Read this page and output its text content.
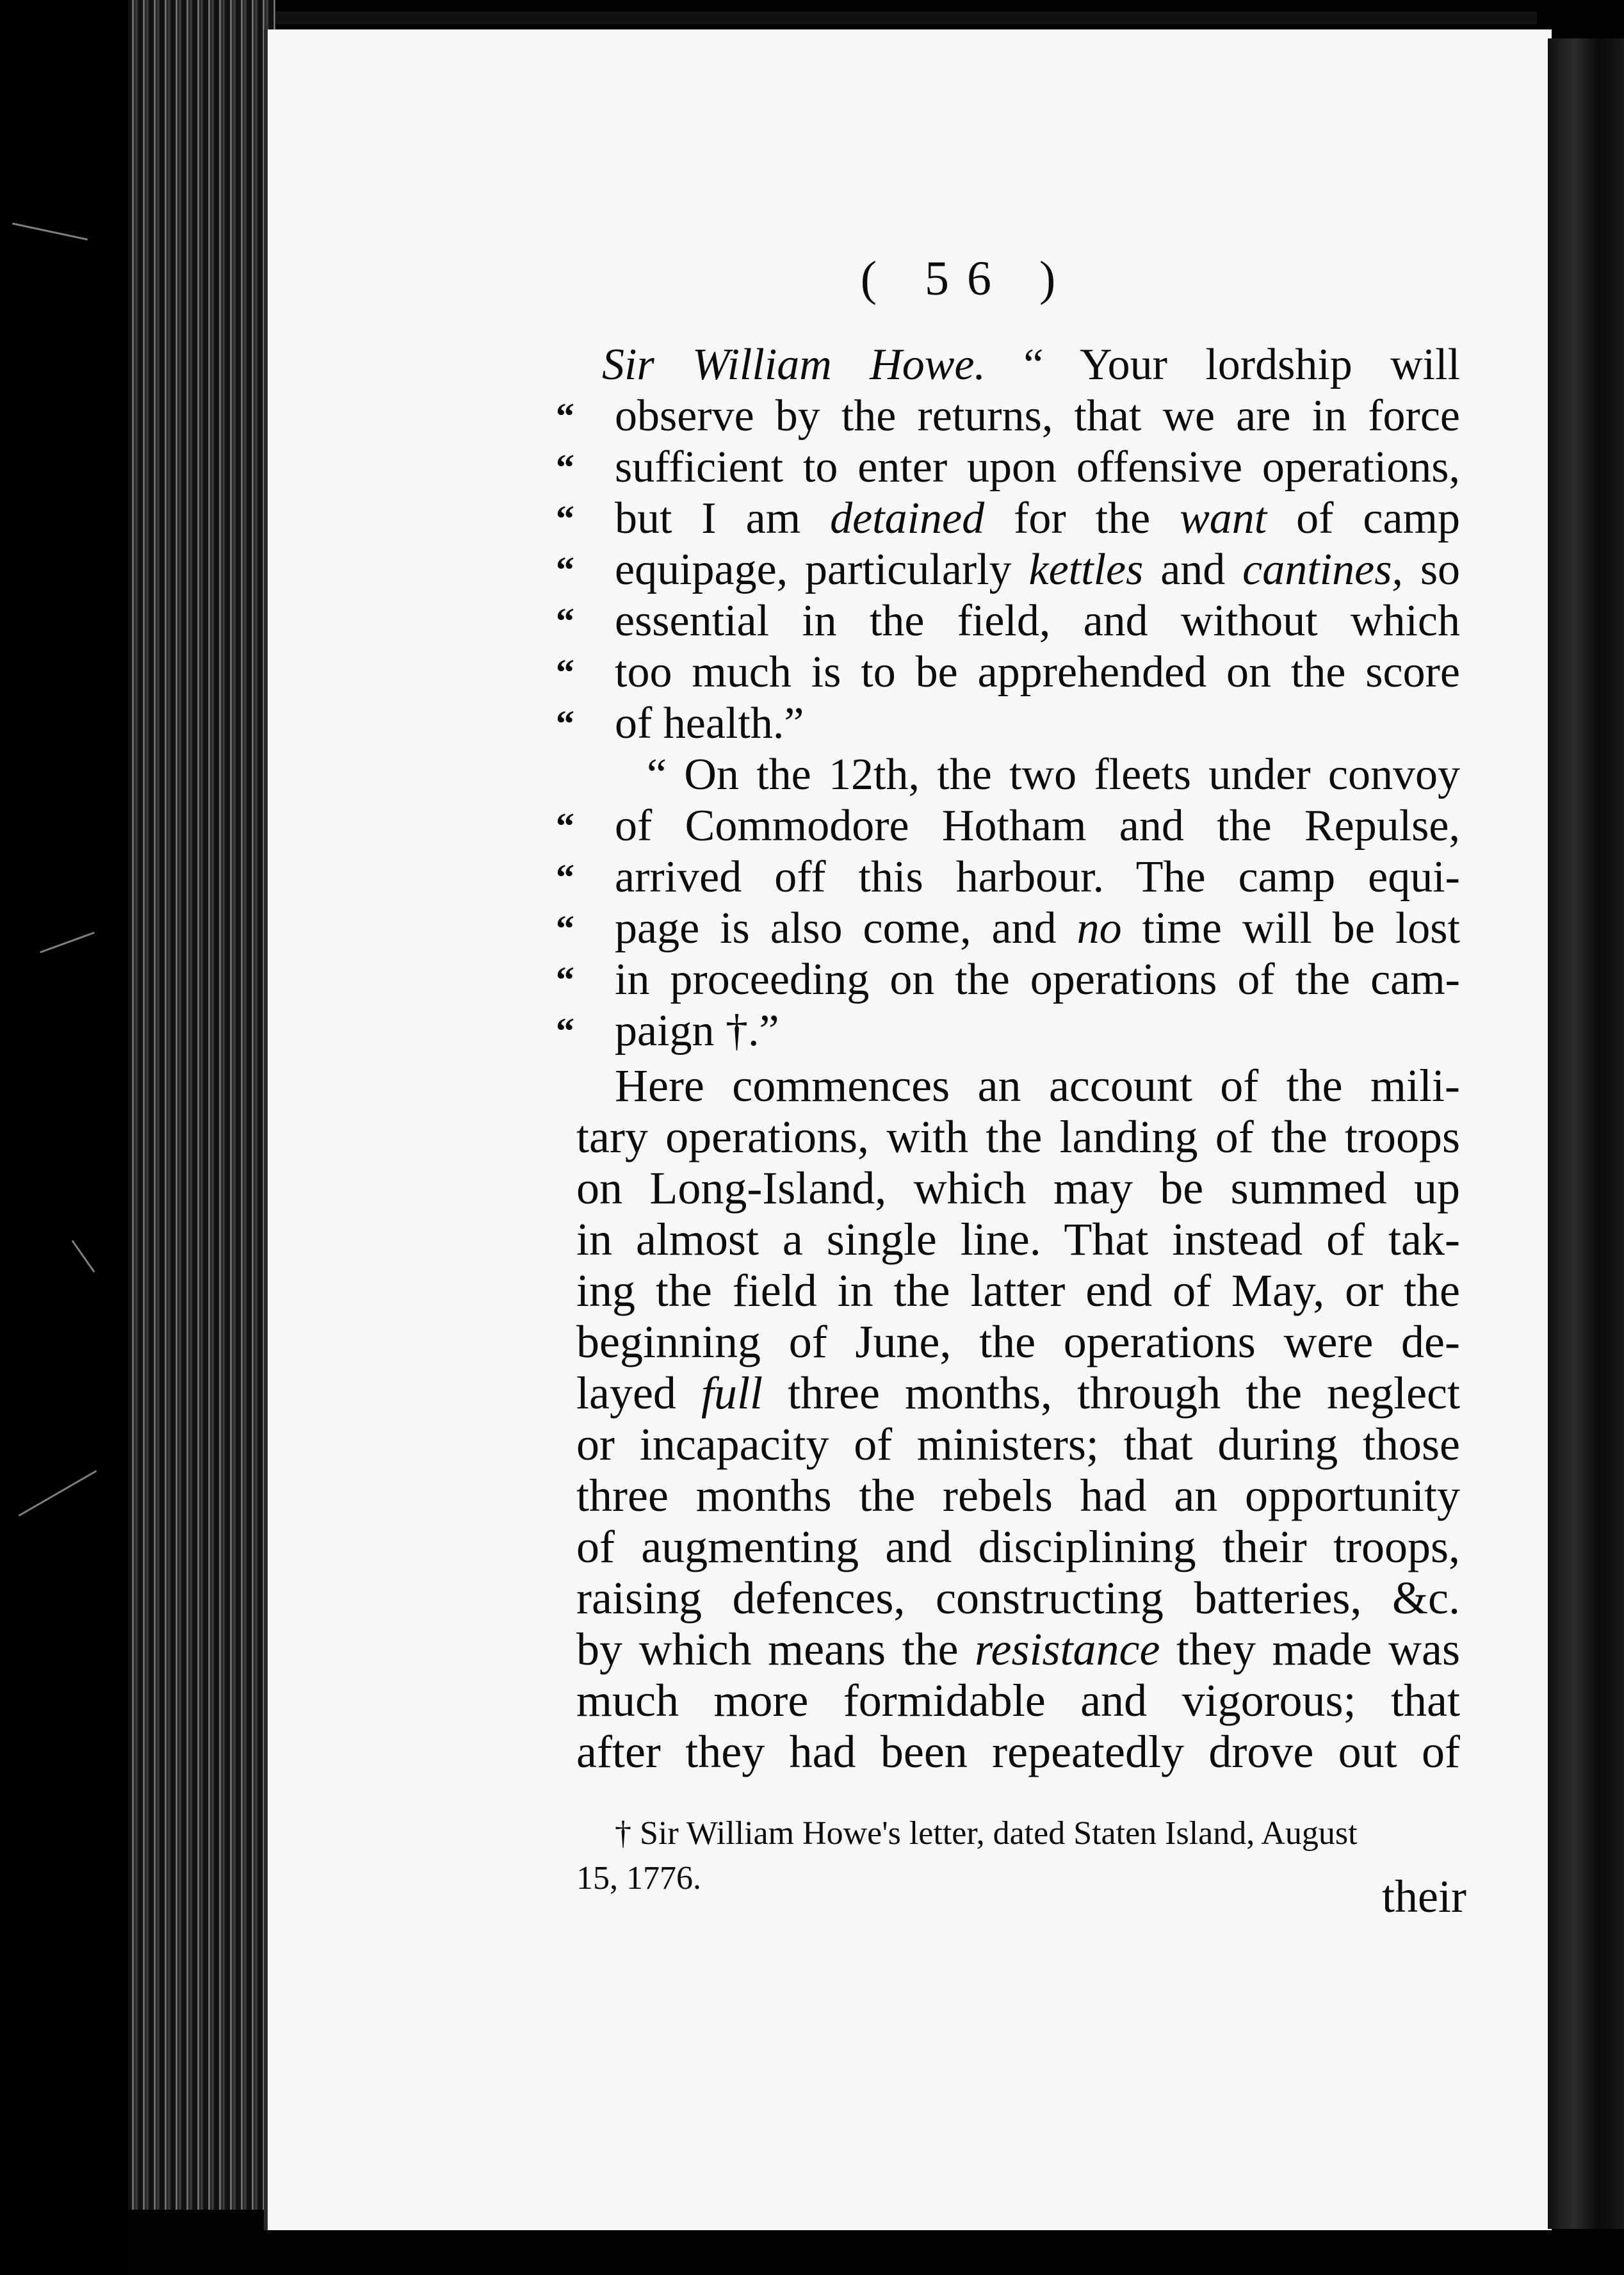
( 56 )
Sir William Howe. “ Your lordship will
“ observe by the returns, that we are in force
“ sufficient to enter upon offensive operations,
“ but I am detained for the want of camp
“ equipage, particularly kettles and cantines, so
“ essential in the field, and without which
“ too much is to be apprehended on the score
“ of health.”
“ On the 12th, the two fleets under convoy
“ of Commodore Hotham and the Repulse,
“ arrived off this harbour. The camp equi-
“ page is also come, and no time will be lost
“ in proceeding on the operations of the cam-
“ paign †.”
Here commences an account of the mili-
tary operations, with the landing of the troops
on Long-Island, which may be summed up
in almost a single line. That instead of tak-
ing the field in the latter end of May, or the
beginning of June, the operations were de-
layed full three months, through the neglect
or incapacity of ministers; that during those
three months the rebels had an opportunity
of augmenting and disciplining their troops,
raising defences, constructing batteries, &c.
by which means the resistance they made was
much more formidable and vigorous; that
after they had been repeatedly drove out of
† Sir William Howe's letter, dated Staten Island, August
15, 1776.	their
